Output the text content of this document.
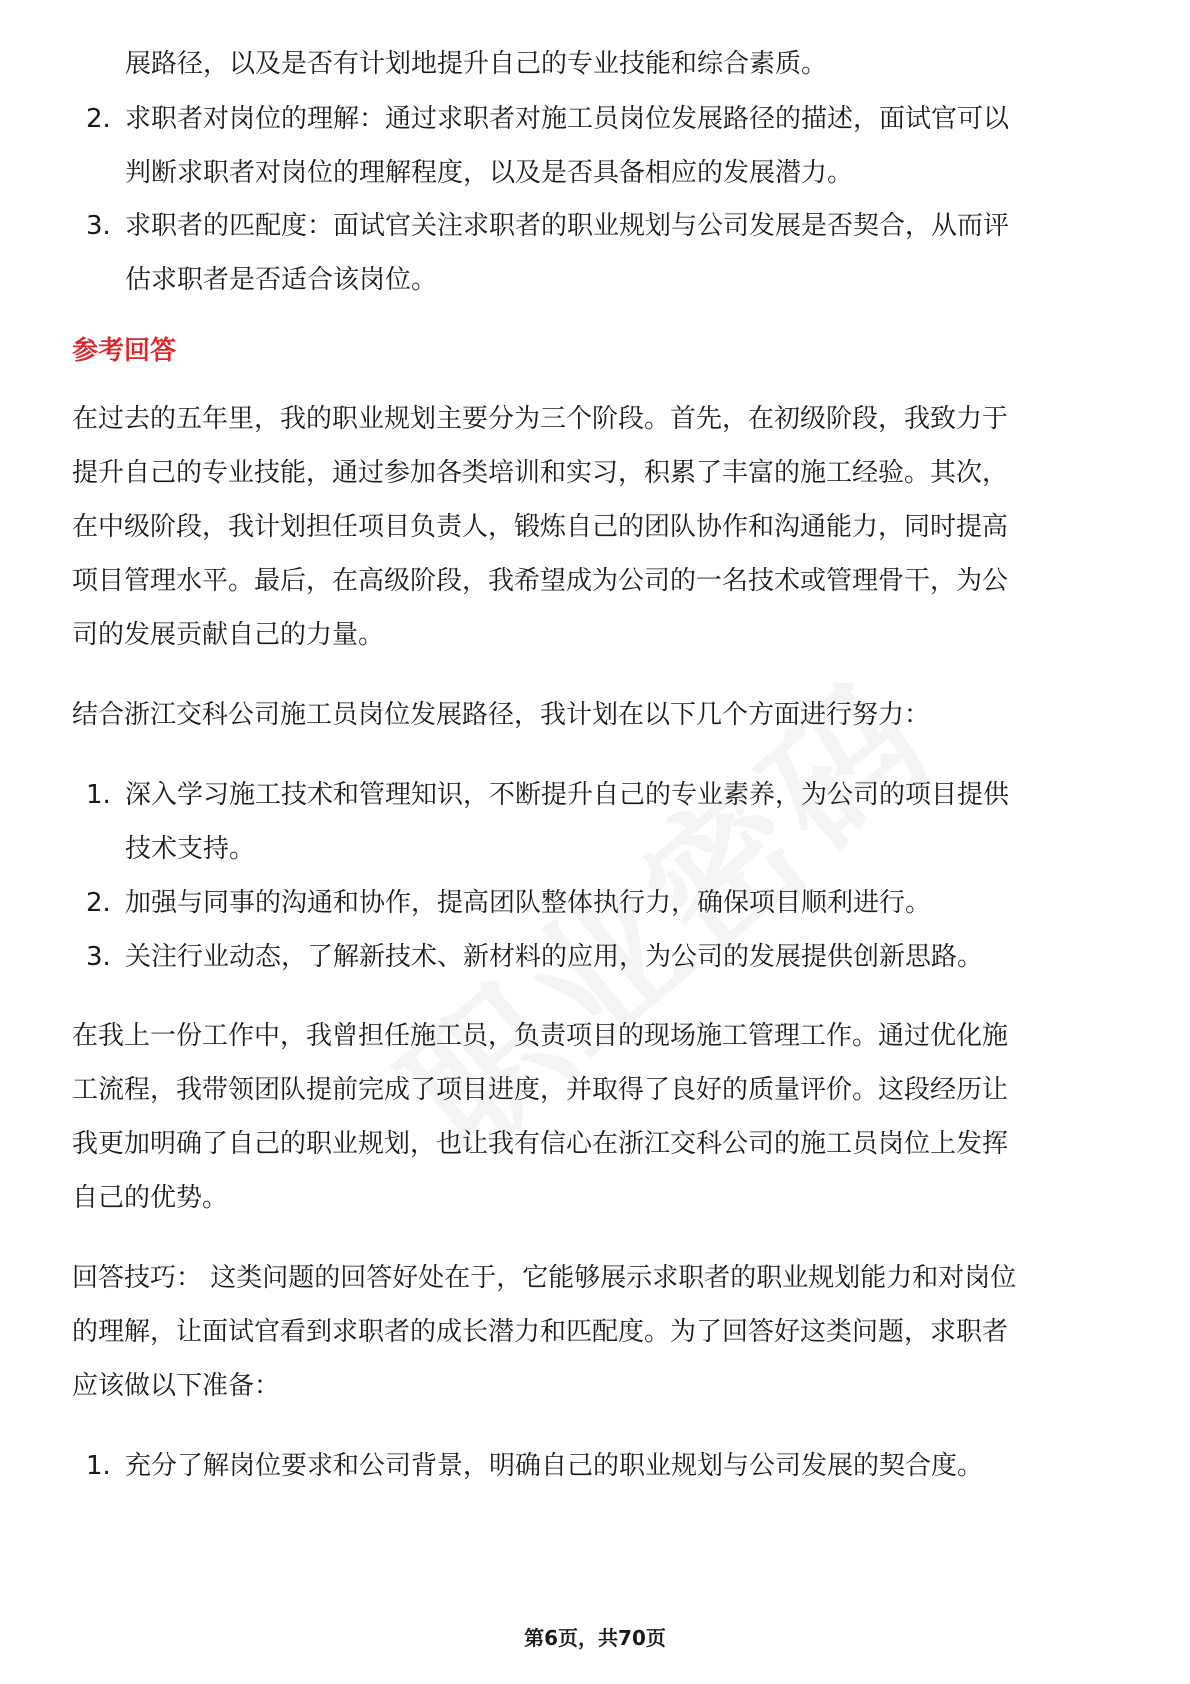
展路径，以及是否有计划地提升自己的专业技能和综合素质。
2. 求职者对岗位的理解：通过求职者对施工员岗位发展路径的描述，面试官可以
判断求职者对岗位的理解程度，以及是否具备相应的发展潜力。
3. 求职者的匹配度：面试官关注求职者的职业规划与公司发展是否契合，从而评
估求职者是否适合该岗位。
参考回答
在过去的五年里，我的职业规划主要分为三个阶段。首先，在初级阶段，我致力于
提升自己的专业技能，通过参加各类培训和实习，积累了丰富的施工经验。其次，
在中级阶段，我计划担任项目负责人，锻炼自己的团队协作和沟通能力，同时提高
项目管理水平。最后，在高级阶段，我希望成为公司的一名技术或管理骨干，为公
司的发展贡献自己的力量。
结合浙江交科公司施工员岗位发展路径，我计划在以下几个方面进行努力：
1. 深入学习施工技术和管理知识，不断提升自己的专业素养，为公司的项目提供
技术支持。
2. 加强与同事的沟通和协作，提高团队整体执行力，确保项目顺利进行。
3. 关注行业动态，了解新技术、新材料的应用，为公司的发展提供创新思路。
在我上一份工作中，我曾担任施工员，负责项目的现场施工管理工作。通过优化施
工流程，我带领团队提前完成了项目进度，并取得了良好的质量评价。这段经历让
我更加明确了自己的职业规划，也让我有信心在浙江交科公司的施工员岗位上发挥
自己的优势。
回答技巧： 这类问题的回答好处在于，它能够展示求职者的职业规划能力和对岗位
的理解，让面试官看到求职者的成长潜力和匹配度。为了回答好这类问题，求职者
应该做以下准备：
1. 充分了解岗位要求和公司背景，明确自己的职业规划与公司发展的契合度。
第6页，共70页
